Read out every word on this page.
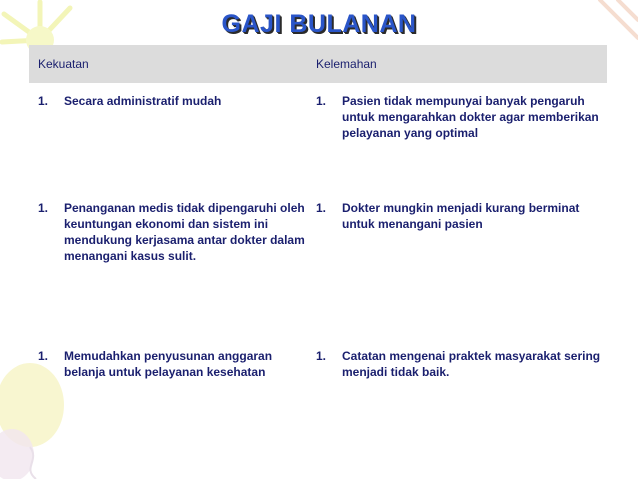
GAJI BULANAN
Kekuatan	Kelemahan

1. Secara administratif mudah	1. Pasien tidak mempunyai banyak pengaruh untuk mengarahkan dokter agar memberikan pelayanan yang optimal

1. Penanganan medis tidak dipengaruhi oleh keuntungan ekonomi dan sistem ini mendukung kerjasama antar dokter dalam menangani kasus sulit.	1. Dokter mungkin menjadi kurang berminat untuk menangani pasien

1. Memudahkan penyusunan anggaran belanja untuk pelayanan kesehatan	1. Catatan mengenai praktek masyarakat sering menjadi tidak baik.
